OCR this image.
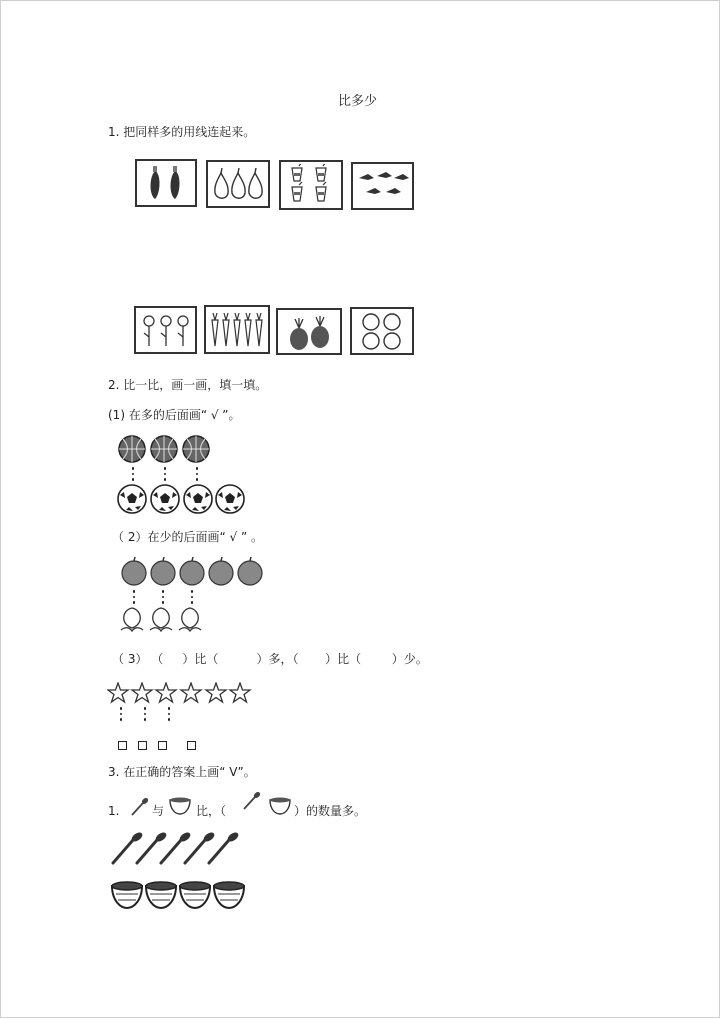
比多少
1. 把同样多的用线连起来。
2. 比一比，画一画，填一填。
(1) 在多的后面画“ √ ”。
（ 2）在少的后面画“ √ ” 。
（ 3） （     ）比（          ）多，（       ）比（        ）少。
3. 在正确的答案上画“ V”。
1.	与	比，（	）的数量多。
